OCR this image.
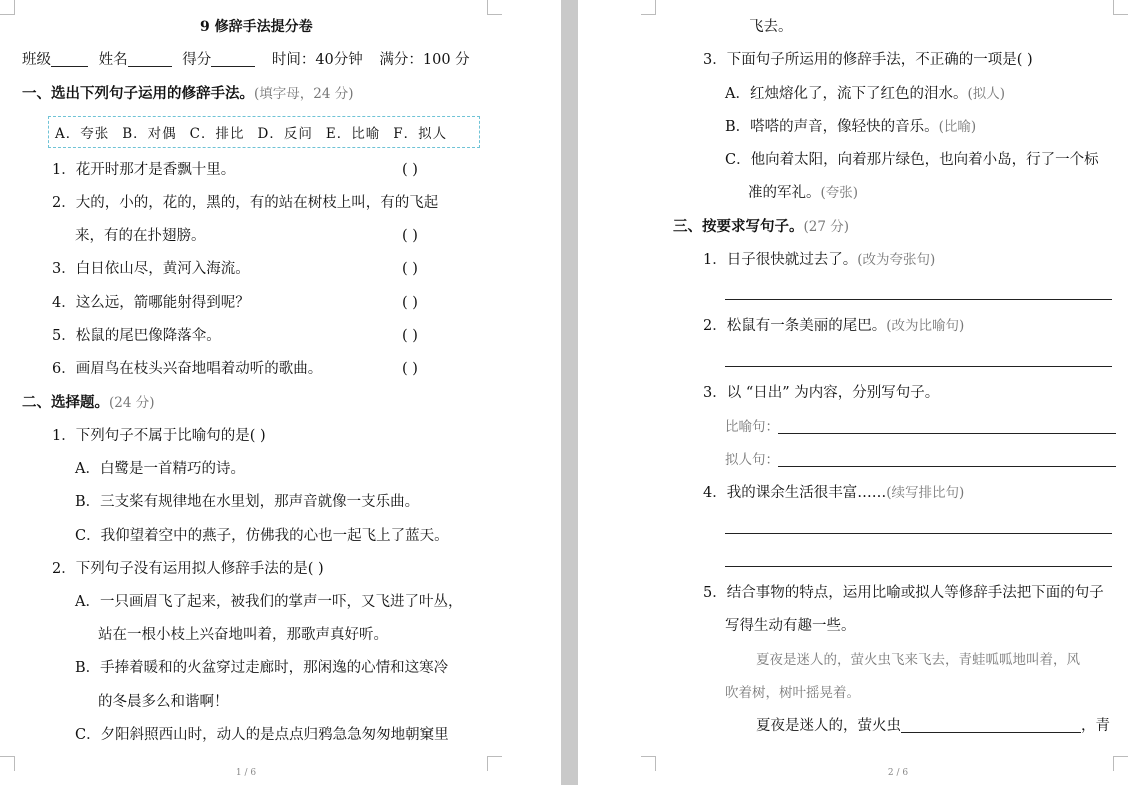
9 修辞手法提分卷
班级	姓名	得分	时间：40分钟 满分：100 分
一、选出下列句子运用的修辞手法。(填字母，24 分)
A．夸张 B．对偶 C．排比 D．反问 E．比喻 F．拟人
1．花开时那才是香飘十里。	( )
2．大的，小的，花的，黑的，有的站在树枝上叫，有的飞起
来，有的在扑翅膀。	( )
3．白日依山尽，黄河入海流。	( )
4．这么远，箭哪能射得到呢？	( )
5．松鼠的尾巴像降落伞。	( )
6．画眉鸟在枝头兴奋地唱着动听的歌曲。	( )
二、选择题。(24 分)
1．下列句子不属于比喻句的是( )
A．白鹭是一首精巧的诗。
B．三支桨有规律地在水里划，那声音就像一支乐曲。
C．我仰望着空中的燕子，仿佛我的心也一起飞上了蓝天。
2．下列句子没有运用拟人修辞手法的是( )
A．一只画眉飞了起来，被我们的掌声一吓，又飞进了叶丛，
站在一根小枝上兴奋地叫着，那歌声真好听。
B．手捧着暖和的火盆穿过走廊时，那闲逸的心情和这寒冷
的冬晨多么和谐啊！
C．夕阳斜照西山时，动人的是点点归鸦急急匆匆地朝窠里
1 / 6
飞去。
3．下面句子所运用的修辞手法，不正确的一项是( )
A．红烛熔化了，流下了红色的泪水。(拟人)
B．嗒嗒的声音，像轻快的音乐。(比喻)
C．他向着太阳，向着那片绿色，也向着小岛，行了一个标
准的军礼。(夸张)
三、按要求写句子。(27 分)
1．日子很快就过去了。(改为夸张句)
2．松鼠有一条美丽的尾巴。(改为比喻句)
3．以 “日出” 为内容，分别写句子。
比喻句：
拟人句：
4．我的课余生活很丰富……(续写排比句)
5．结合事物的特点，运用比喻或拟人等修辞手法把下面的句子
写得生动有趣一些。
夏夜是迷人的，萤火虫飞来飞去，青蛙呱呱地叫着，风
吹着树，树叶摇晃着。
夏夜是迷人的，萤火虫	，青
2 / 6
